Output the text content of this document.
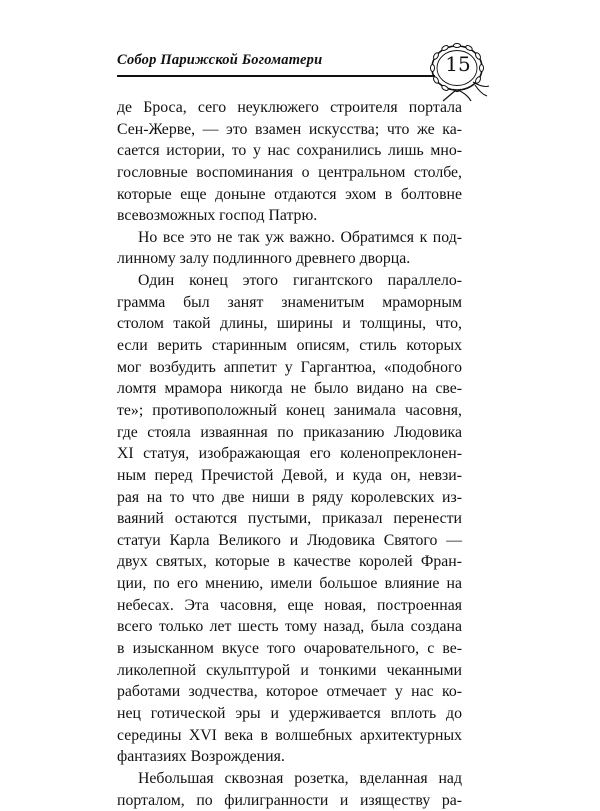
Собор Парижской Богоматери	15
де Броса, сего неуклюжего строителя портала
Сен-Жерве, — это взамен искусства; что же ка-
сается истории, то у нас сохранились лишь мно-
гословные воспоминания о центральном столбе,
которые еще доныне отдаются эхом в болтовне
всевозможных господ Патрю.
Но все это не так уж важно. Обратимся к под-
линному залу подлинного древнего дворца.
Один конец этого гигантского параллело-
грамма был занят знаменитым мраморным
столом такой длины, ширины и толщины, что,
если верить старинным описям, стиль которых
мог возбудить аппетит у Гаргантюа, «подобного
ломтя мрамора никогда не было видано на све-
те»; противоположный конец занимала часовня,
где стояла изваянная по приказанию Людовика
XI статуя, изображающая его коленопреклонен-
ным перед Пречистой Девой, и куда он, невзи-
рая на то что две ниши в ряду королевских из-
ваяний остаются пустыми, приказал перенести
статуи Карла Великого и Людовика Святого —
двух святых, которые в качестве королей Фран-
ции, по его мнению, имели большое влияние на
небесах. Эта часовня, еще новая, построенная
всего только лет шесть тому назад, была создана
в изысканном вкусе того очаровательного, с ве-
ликолепной скульптурой и тонкими чеканными
работами зодчества, которое отмечает у нас ко-
нец готической эры и удерживается вплоть до
середины XVI века в волшебных архитектурных
фантазиях Возрождения.
Небольшая сквозная розетка, вделанная над
порталом, по филигранности и изяществу ра-
